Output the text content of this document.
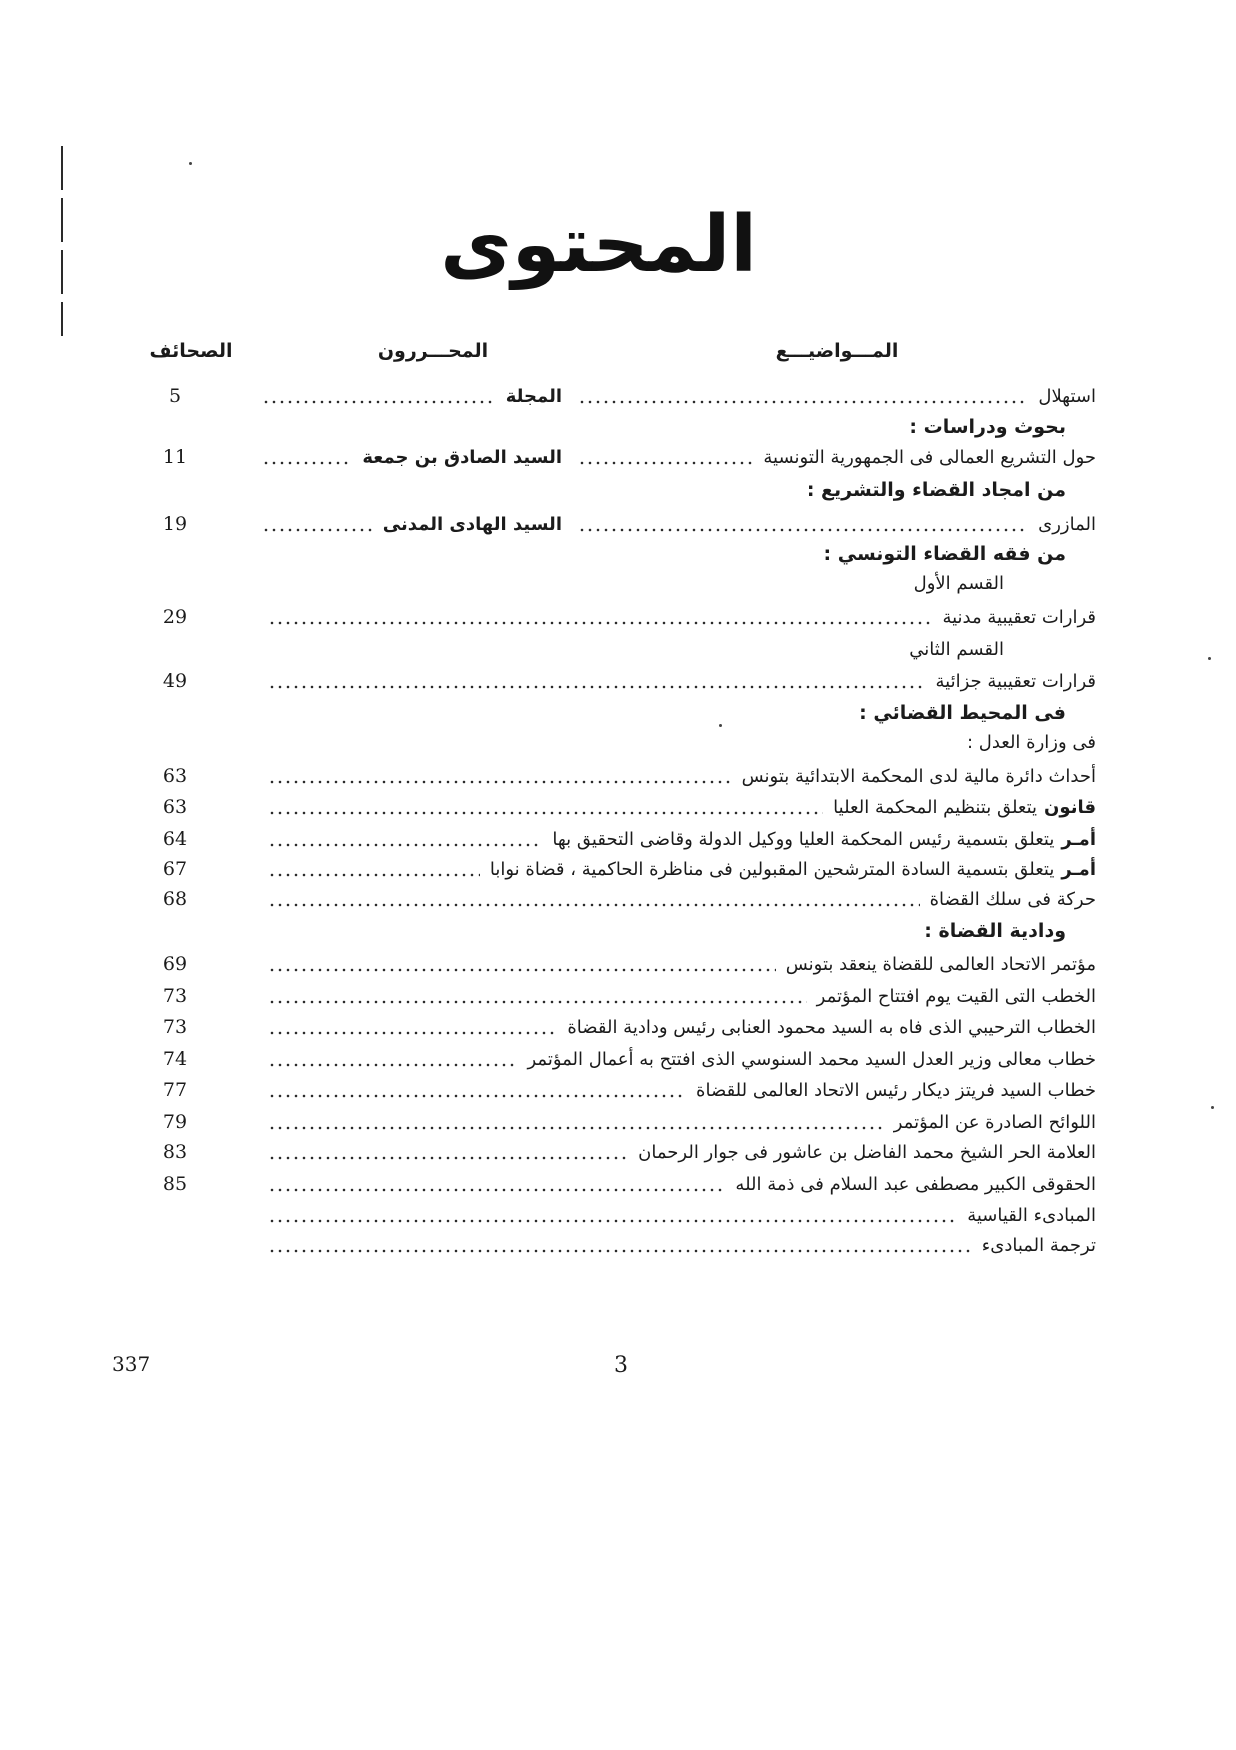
المحتوى
المـــواضيـــع
المحـــررون
الصحائف
استهلال
المجلة
5
بحوث ودراسات :
حول التشريع العمالى فى الجمهورية التونسية
السيد الصادق بن جمعة
11
من امجاد القضاء والتشريع :
المازرى
السيد الهادى المدنى
19
من فقه القضاء التونسي :
القسم الأول
قرارات تعقيبية مدنية
29
القسم الثاني
قرارات تعقيبية جزائية
49
فى المحيط القضائي :
فى وزارة العدل :
أحداث دائرة مالية لدى المحكمة الابتدائية بتونس
63
قانون
يتعلق بتنظيم المحكمة العليا
63
أمـر
يتعلق بتسمية رئيس المحكمة العليا ووكيل الدولة وقاضى التحقيق بها
64
أمـر
يتعلق بتسمية السادة المترشحين المقبولين فى مناظرة الحاكمية ، قضاة نوابا
67
حركة فى سلك القضاة
68
ودادية القضاة :
مؤتمر الاتحاد العالمى للقضاة ينعقد بتونس
69
الخطب التى القيت يوم افتتاح المؤتمر
73
الخطاب الترحيبي الذى فاه به السيد محمود العنابى رئيس ودادية القضاة
73
خطاب معالى وزير العدل السيد محمد السنوسي الذى افتتح به أعمال المؤتمر
74
خطاب السيد فريتز ديكار رئيس الاتحاد العالمى للقضاة
77
اللوائح الصادرة عن المؤتمر
79
العلامة الحر الشيخ محمد الفاضل بن عاشور فى جوار الرحمان
83
الحقوقى الكبير مصطفى عبد السلام فى ذمة الله
85
المبادىء القياسية
ترجمة المبادىء
337	3
